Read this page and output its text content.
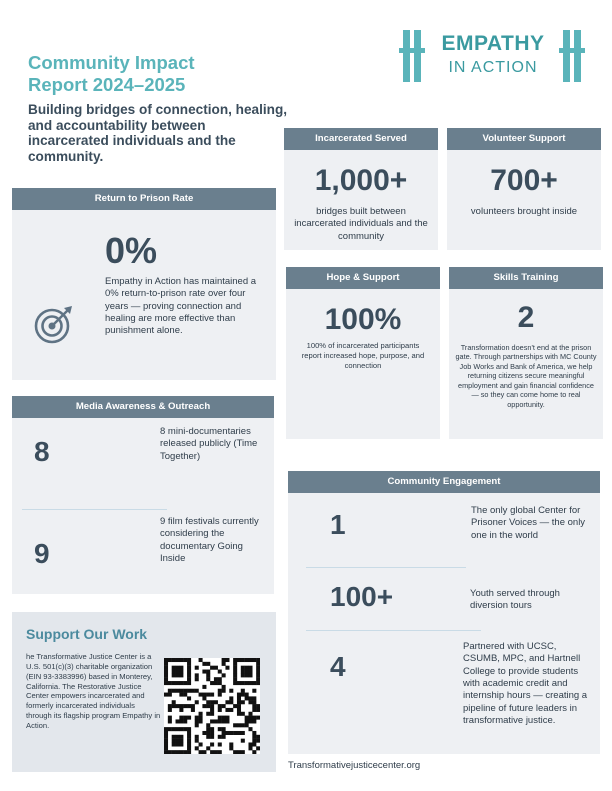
Community Impact
Report 2024–2025
Building bridges of connection, healing, and accountability between incarcerated individuals and the community.
EMPATHY
IN ACTION
Incarcerated Served
1,000+
bridges built between incarcerated individuals and the community
Volunteer Support
700+
volunteers brought inside
Return to Prison Rate
0%
Empathy in Action has maintained a 0% return-to-prison rate over four years — proving connection and healing are more effective than punishment alone.
Hope & Support
100%
100% of incarcerated participants report increased hope, purpose, and connection
Skills Training
2
Transformation doesn't end at the prison gate. Through partnerships with MC County Job Works and Bank of America, we help returning citizens secure meaningful employment and gain financial confidence — so they can come home to real opportunity.
Media Awareness & Outreach
8
8 mini-documentaries released publicly (Time Together)
9
9 film festivals currently considering the documentary Going Inside
Community Engagement
1	The only global Center for Prisoner Voices — the only one in the world
100+	Youth served through diversion tours
4
Partnered with UCSC, CSUMB, MPC, and Hartnell College to provide students with academic credit and internship hours — creating a pipeline of future leaders in transformative justice.
Support Our Work
he Transformative Justice Center is a U.S. 501(c)(3) charitable organization (EIN 93-3383996) based in Monterey, California. The Restorative Justice Center empowers incarcerated and formerly incarcerated individuals through its flagship program Empathy in Action.
Transformativejusticecenter.org
